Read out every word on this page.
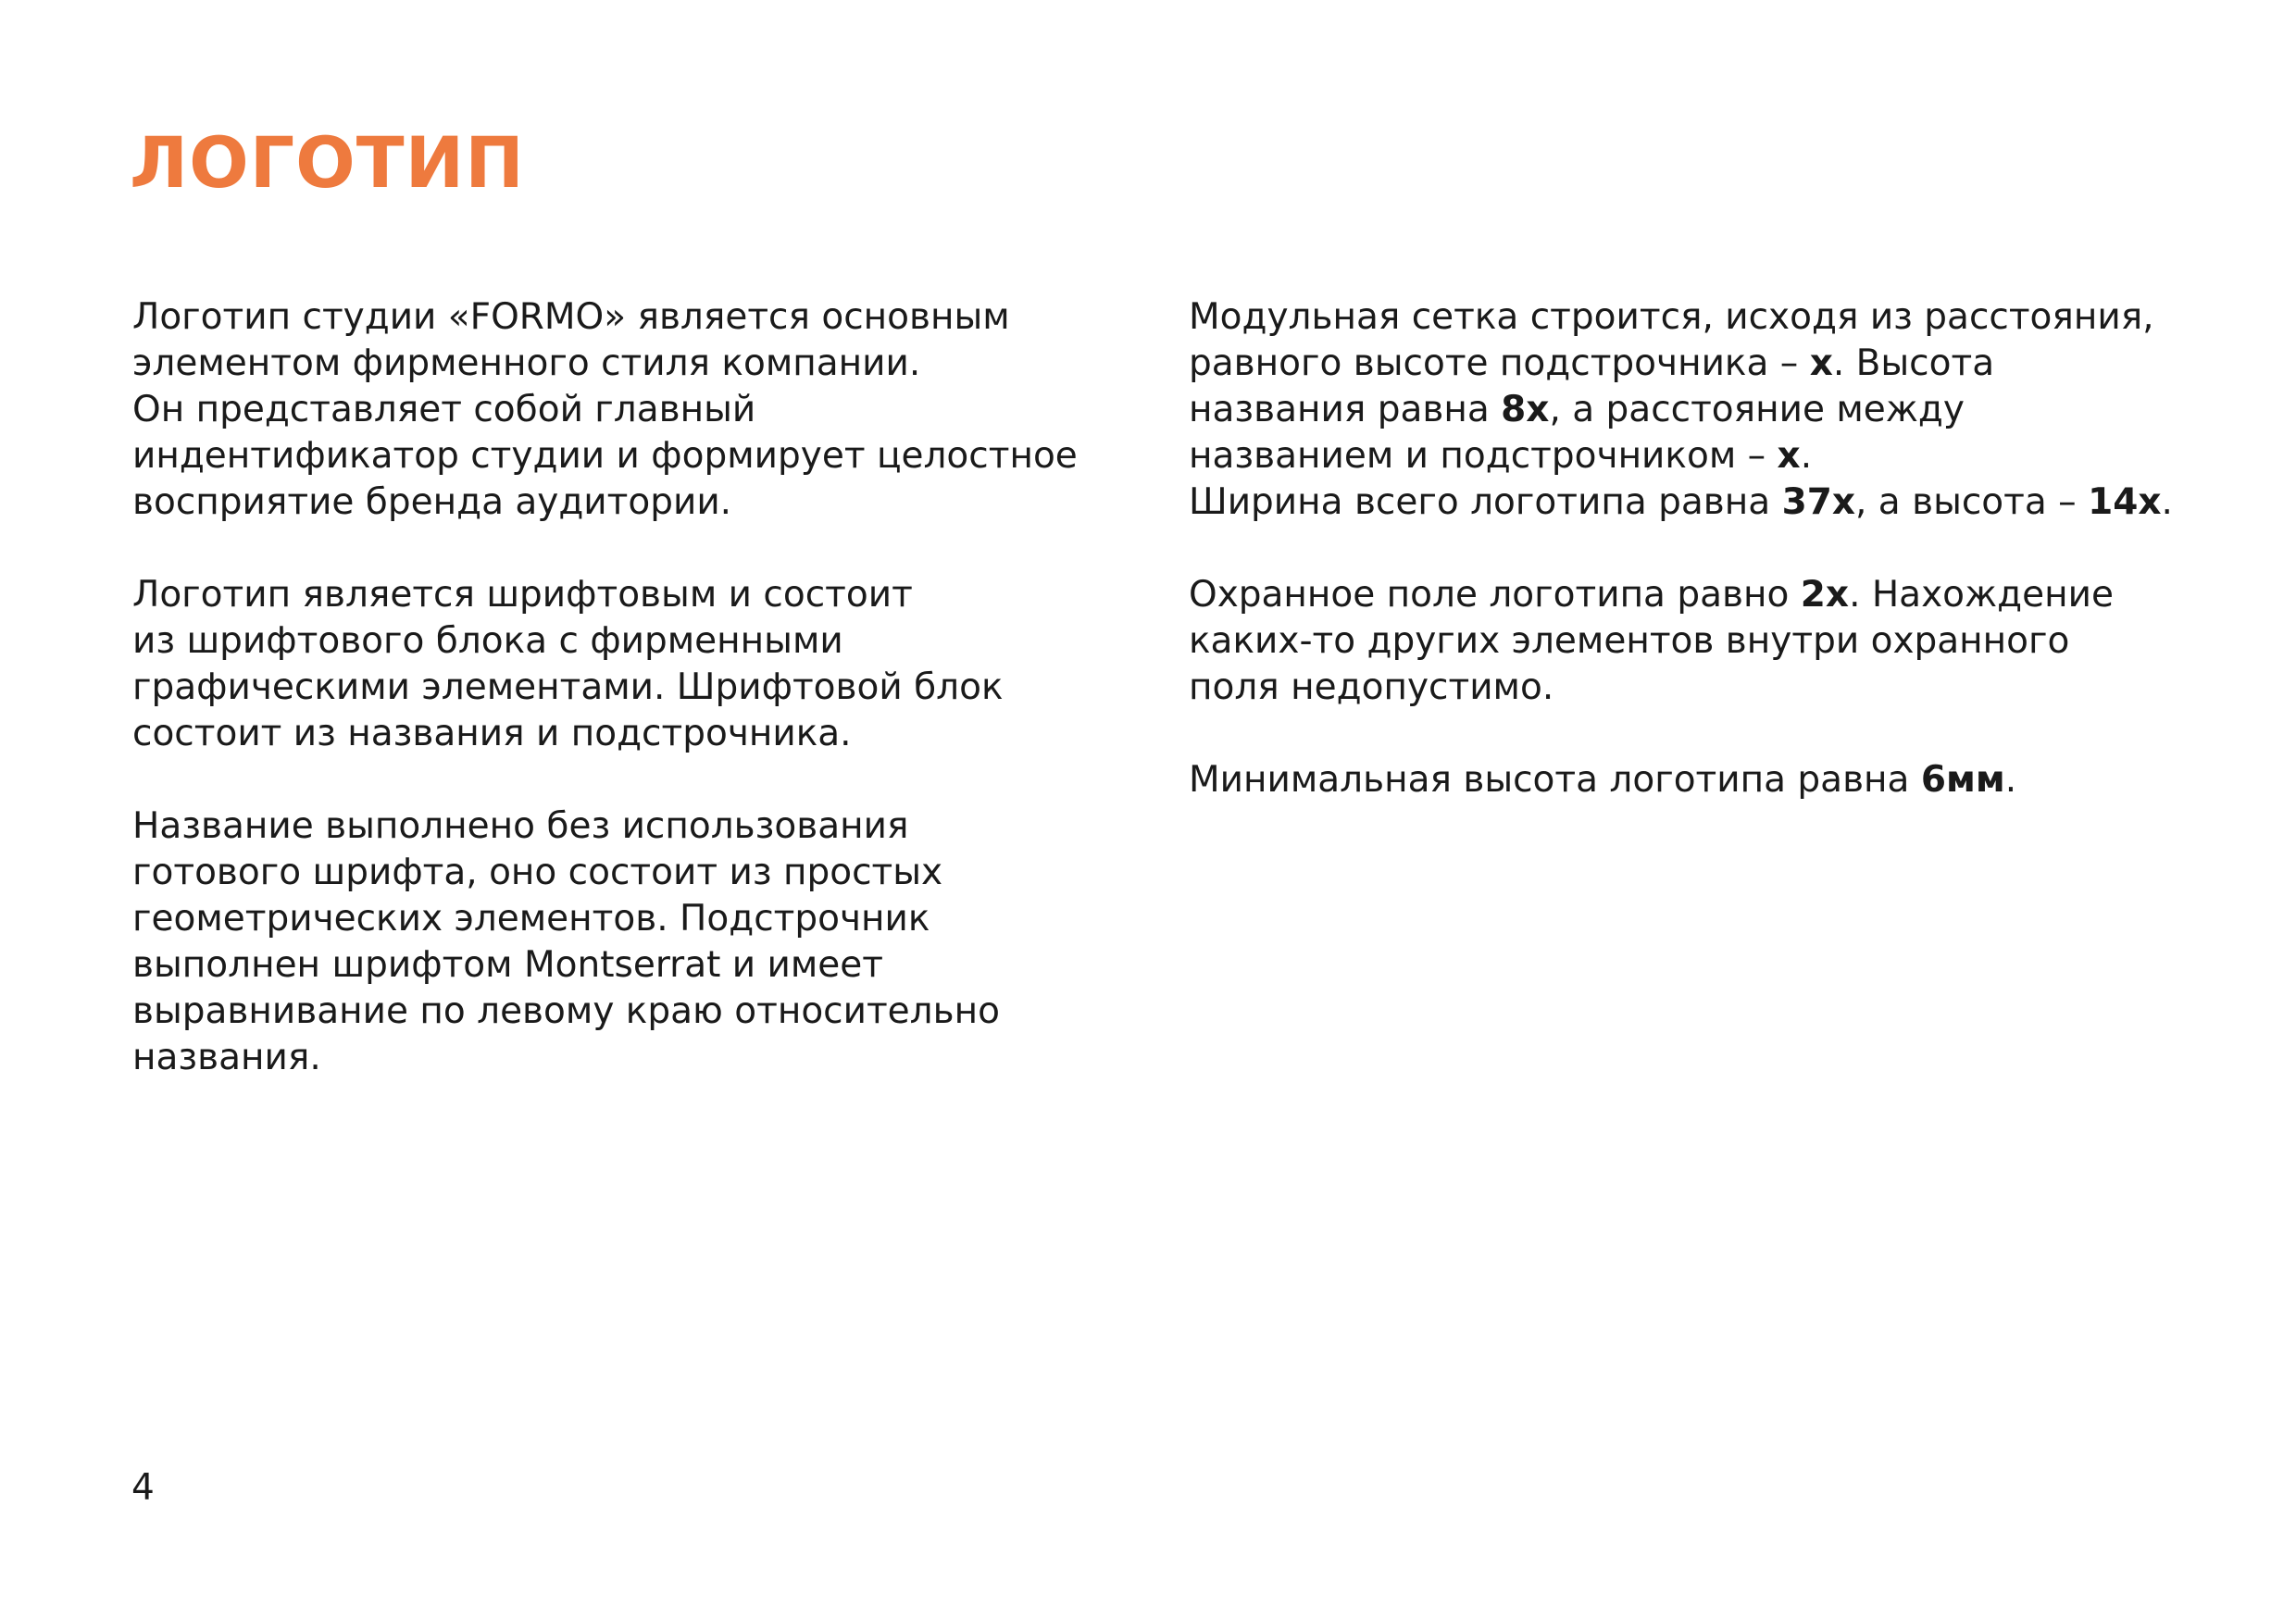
ЛОГОТИП

Логотип студии «FORMO» является основным
элементом фирменного стиля компании.
Он представляет собой главный
индентификатор студии и формирует целостное
восприятие бренда аудитории.

Логотип является шрифтовым и состоит
из шрифтового блока с фирменными
графическими элементами. Шрифтовой блок
состоит из названия и подстрочника.

Название выполнено без использования
готового шрифта, оно состоит из простых
геометрических элементов. Подстрочник
выполнен шрифтом Montserrat и имеет
выравнивание по левому краю относительно
названия.

Модульная сетка строится, исходя из расстояния,
равного высоте подстрочника – x. Высота
названия равна 8x, а расстояние между
названием и подстрочником – x.
Ширина всего логотипа равна 37x, а высота – 14x.

Охранное поле логотипа равно 2x. Нахождение
каких-то других элементов внутри охранного
поля недопустимо.

Минимальная высота логотипа равна 6мм.

4
